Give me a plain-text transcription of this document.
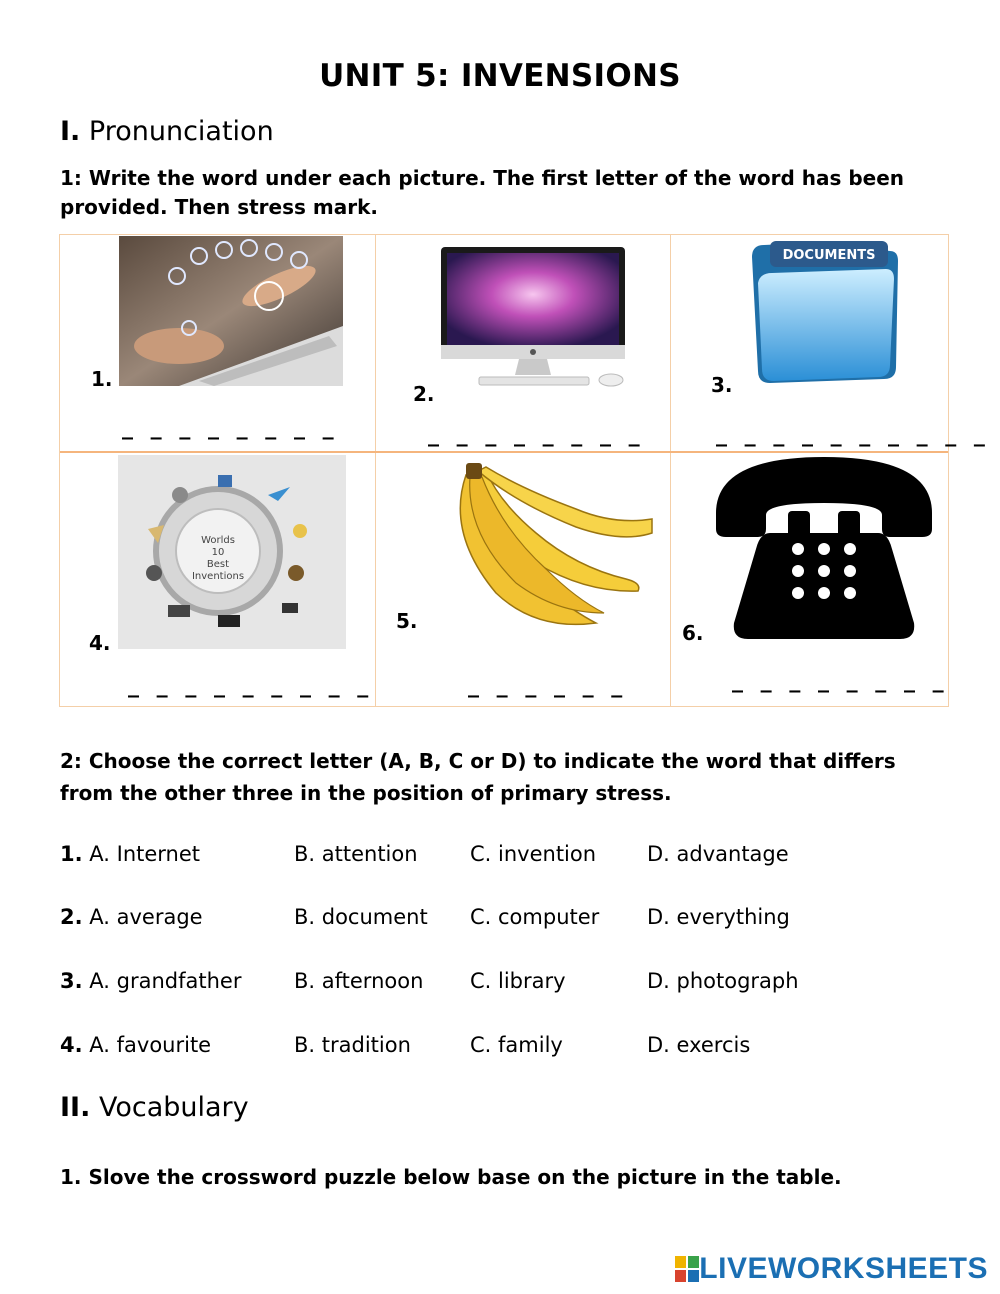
UNIT 5: INVENSIONS
I. Pronunciation
1: Write the word under each picture. The first letter of the word has been provided. Then stress mark.
1.
_ _ _ _ _ _ _ _
2.
_ _ _ _ _ _ _ _
DOCUMENTS
3.
_ _ _ _ _ _ _ _ _ _
Worlds
10
Best
Inventions
4.
_ _ _ _ _ _ _ _ _
5.
_ _ _ _ _ _
6.
_ _ _ _ _ _ _ _
2: Choose the correct letter (A, B, C or D) to indicate the word that differs from the other three in the position of primary stress.
1. A. Internet	B. attention C. invention D. advantage
2. A. average	B. document C. computer D. everything
3. A. grandfather	B. afternoon C. library	D. photograph
4. A. favourite	B. tradition	C. family	D. exercis
II. Vocabulary
1. Slove the crossword puzzle below base on the picture in the table.
LIVEWORKSHEETS
